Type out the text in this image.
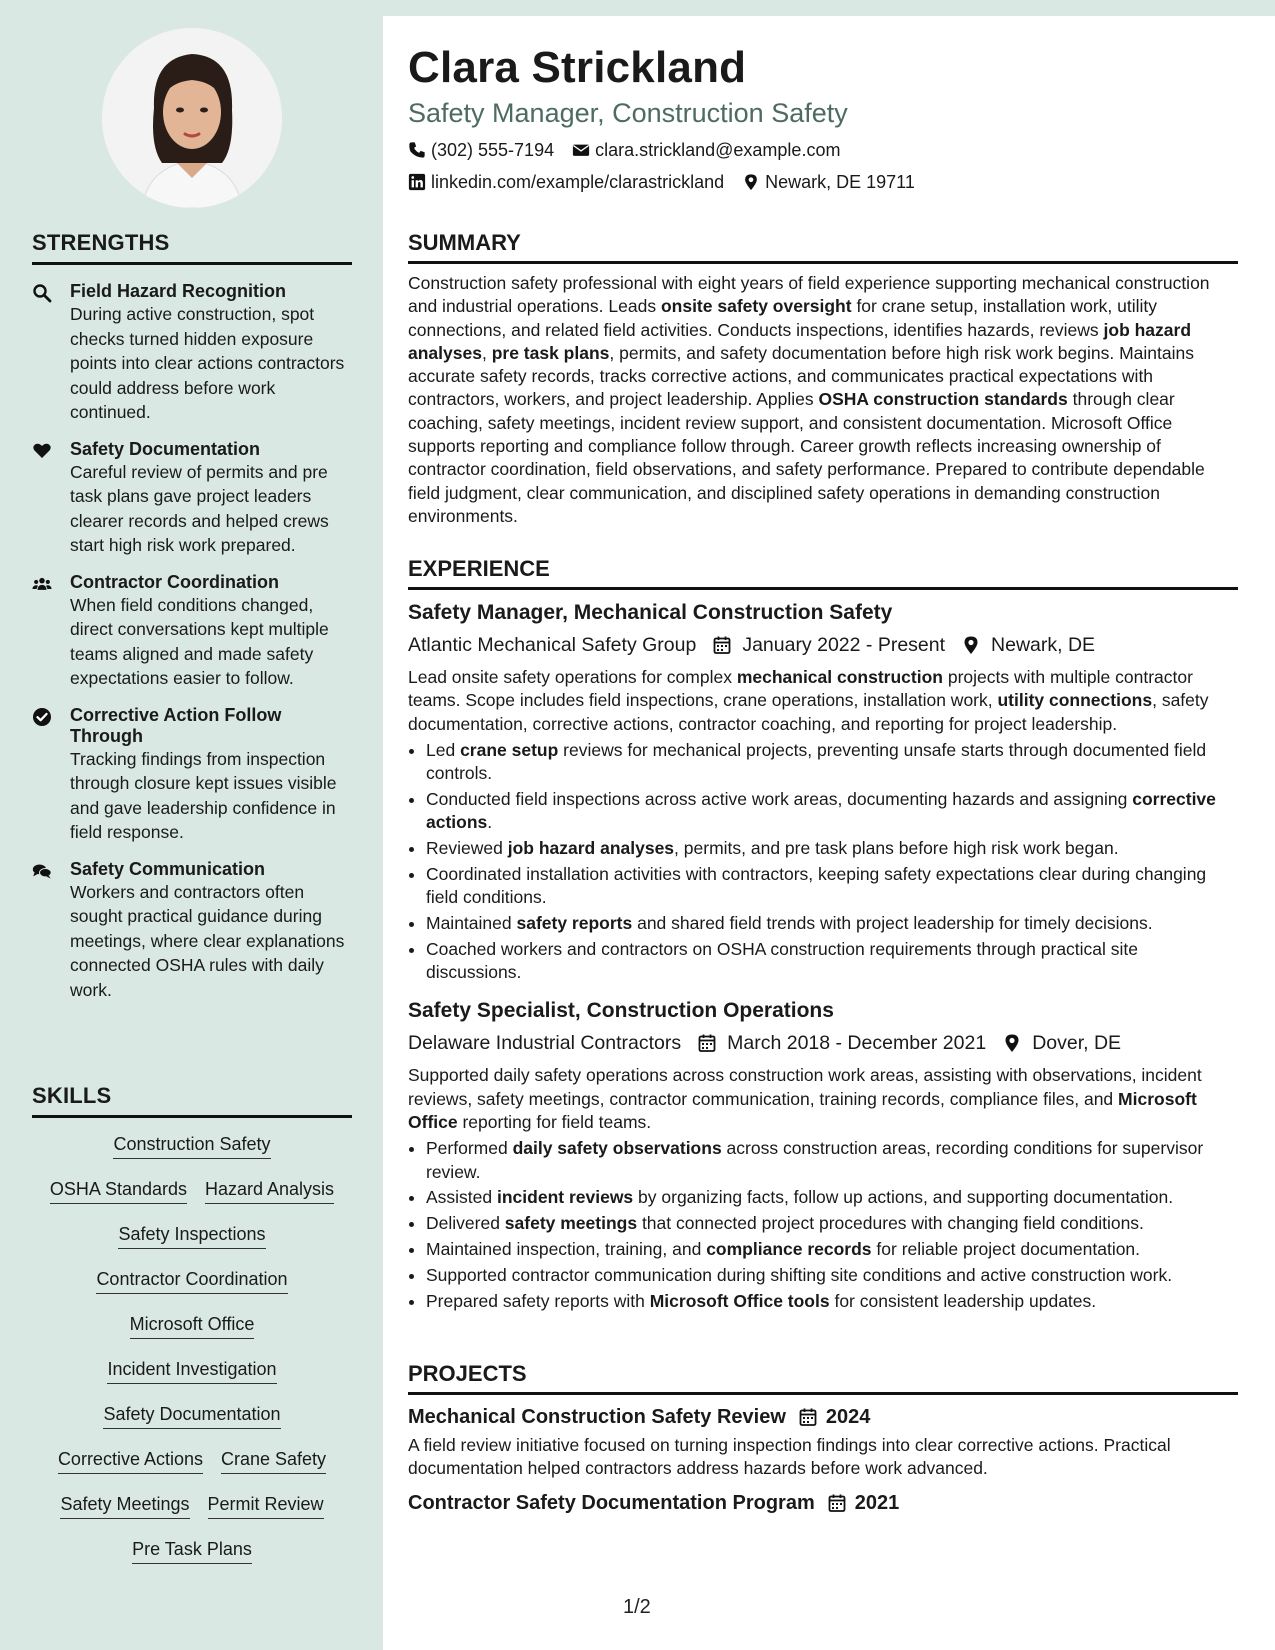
STRENGTHS
Field Hazard Recognition
During active construction, spot checks turned hidden exposure points into clear actions contractors could address before work continued.
Safety Documentation
Careful review of permits and pre task plans gave project leaders clearer records and helped crews start high risk work prepared.
Contractor Coordination
When field conditions changed, direct conversations kept multiple teams aligned and made safety expectations easier to follow.
Corrective Action Follow Through
Tracking findings from inspection through closure kept issues visible and gave leadership confidence in field response.
Safety Communication
Workers and contractors often sought practical guidance during meetings, where clear explanations connected OSHA rules with daily work.
SKILLS
Construction Safety
OSHA Standards Hazard Analysis
Safety Inspections
Contractor Coordination
Microsoft Office
Incident Investigation
Safety Documentation
Corrective Actions Crane Safety
Safety Meetings Permit Review
Pre Task Plans
Clara Strickland
Safety Manager, Construction Safety
(302) 555-7194 clara.strickland@example.com
linkedin.com/example/clarastrickland Newark, DE 19711
SUMMARY
Construction safety professional with eight years of field experience supporting mechanical construction and industrial operations. Leads onsite safety oversight for crane setup, installation work, utility connections, and related field activities. Conducts inspections, identifies hazards, reviews job hazard analyses, pre task plans, permits, and safety documentation before high risk work begins. Maintains accurate safety records, tracks corrective actions, and communicates practical expectations with contractors, workers, and project leadership. Applies OSHA construction standards through clear coaching, safety meetings, incident review support, and consistent documentation. Microsoft Office supports reporting and compliance follow through. Career growth reflects increasing ownership of contractor coordination, field observations, and safety performance. Prepared to contribute dependable field judgment, clear communication, and disciplined safety operations in demanding construction environments.
EXPERIENCE
Safety Manager, Mechanical Construction Safety
Atlantic Mechanical Safety Group January 2022 - Present Newark, DE
Lead onsite safety operations for complex mechanical construction projects with multiple contractor teams. Scope includes field inspections, crane operations, installation work, utility connections, safety documentation, corrective actions, contractor coaching, and reporting for project leadership.
• Led crane setup reviews for mechanical projects, preventing unsafe starts through documented field controls.
• Conducted field inspections across active work areas, documenting hazards and assigning corrective actions.
• Reviewed job hazard analyses, permits, and pre task plans before high risk work began.
• Coordinated installation activities with contractors, keeping safety expectations clear during changing field conditions.
• Maintained safety reports and shared field trends with project leadership for timely decisions.
• Coached workers and contractors on OSHA construction requirements through practical site discussions.
Safety Specialist, Construction Operations
Delaware Industrial Contractors March 2018 - December 2021 Dover, DE
Supported daily safety operations across construction work areas, assisting with observations, incident reviews, safety meetings, contractor communication, training records, compliance files, and Microsoft Office reporting for field teams.
• Performed daily safety observations across construction areas, recording conditions for supervisor review.
• Assisted incident reviews by organizing facts, follow up actions, and supporting documentation.
• Delivered safety meetings that connected project procedures with changing field conditions.
• Maintained inspection, training, and compliance records for reliable project documentation.
• Supported contractor communication during shifting site conditions and active construction work.
• Prepared safety reports with Microsoft Office tools for consistent leadership updates.
PROJECTS
Mechanical Construction Safety Review 2024
A field review initiative focused on turning inspection findings into clear corrective actions. Practical documentation helped contractors address hazards before work advanced.
Contractor Safety Documentation Program 2021
1/2
